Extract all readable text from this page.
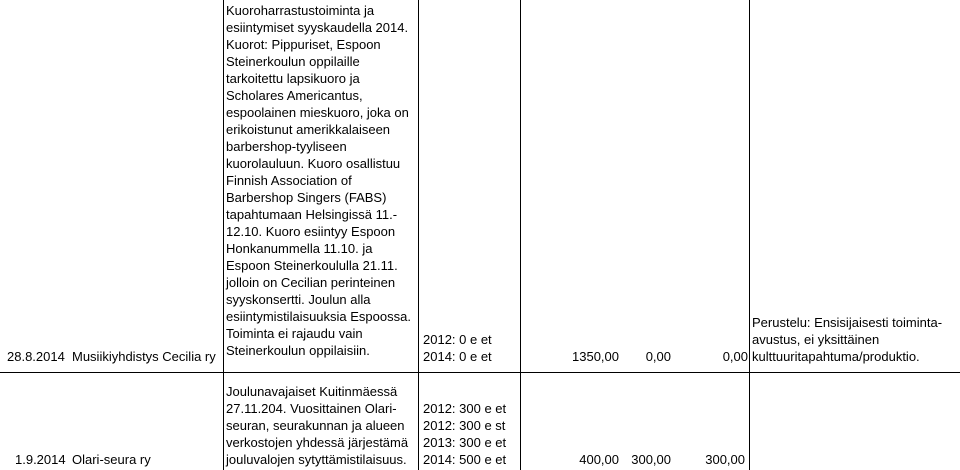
28.8.2014 Musiikiyhdistys Cecilia ry
Kuoroharrastustoiminta ja
esiintymiset syyskaudella 2014.
Kuorot: Pippuriset, Espoon
Steinerkoulun oppilaille
tarkoitettu lapsikuoro ja
Scholares Americantus,
espoolainen mieskuoro, joka on
erikoistunut amerikkalaiseen
barbershop-tyyliseen
kuorolauluun. Kuoro osallistuu
Finnish Association of
Barbershop Singers (FABS)
tapahtumaan Helsingissä 11.-
12.10. Kuoro esiintyy Espoon
Honkanummella 11.10. ja
Espoon Steinerkoululla 21.11.
jolloin on Cecilian perinteinen
syyskonsertti. Joulun alla
esiintymistilaisuuksia Espoossa.
Toiminta ei rajaudu vain
Steinerkoulun oppilaisiin.
2012: 0 e et
2014: 0 e et	1350,00	0,00	0,00
Perustelu: Ensisijaisesti toiminta-
avustus, ei yksittäinen
kulttuuritapahtuma/produktio.
1.9.2014 Olari-seura ry
Joulunavajaiset Kuitinmäessä
27.11.204. Vuosittainen Olari-
seuran, seurakunnan ja alueen
verkostojen yhdessä järjestämä
jouluvalojen sytyttämistilaisuus.
2012: 300 e et
2012: 300 e st
2013: 300 e et
2014: 500 e et	400,00 300,00	300,00
